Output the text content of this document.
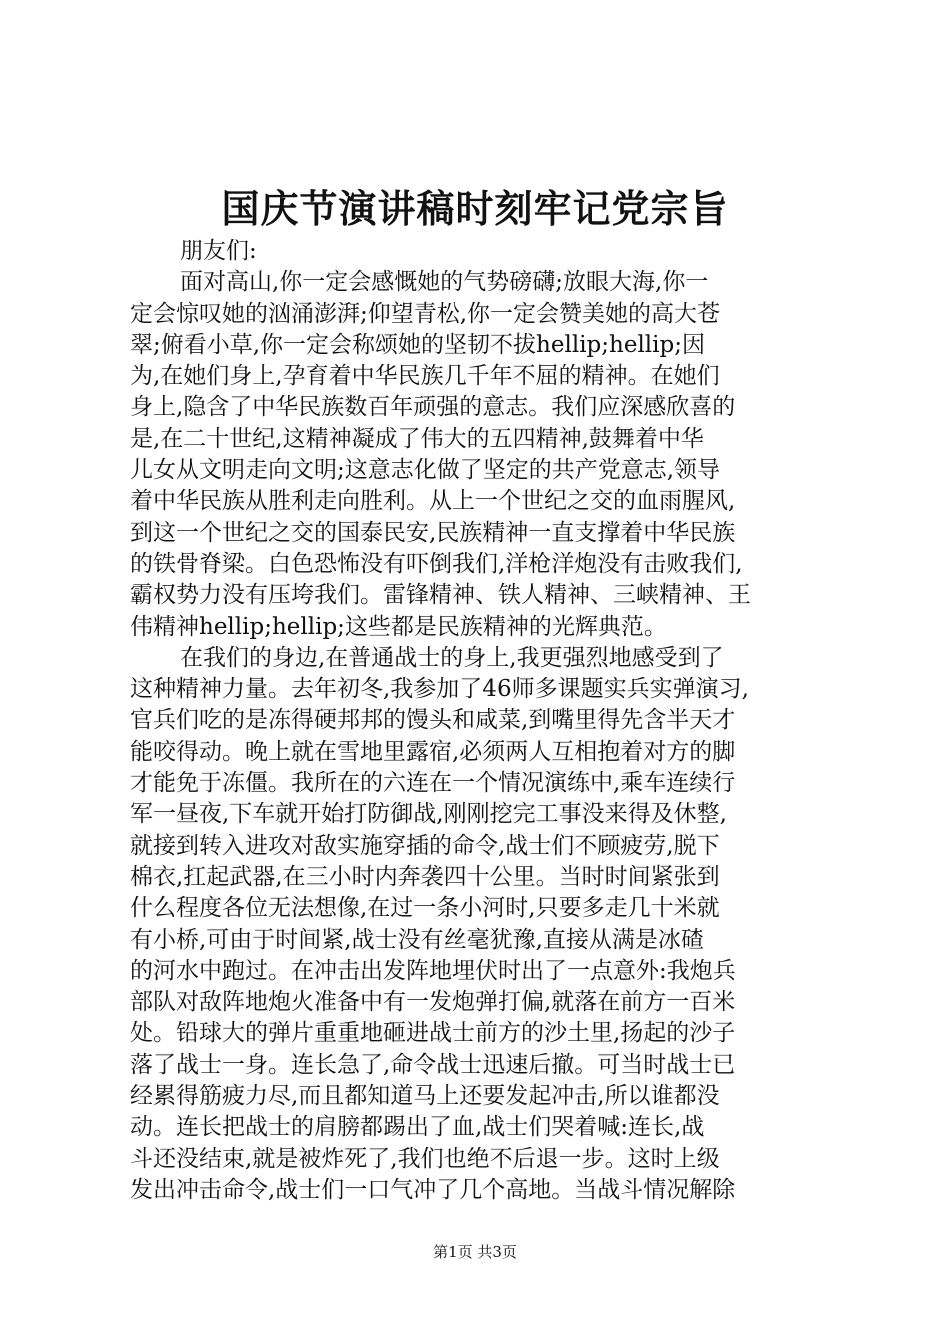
国庆节演讲稿时刻牢记党宗旨
朋友们:
面对高山,你一定会感慨她的气势磅礴;放眼大海,你一
定会惊叹她的汹涌澎湃;仰望青松,你一定会赞美她的高大苍
翠;俯看小草,你一定会称颂她的坚韧不拔hellip;hellip;因
为,在她们身上,孕育着中华民族几千年不屈的精神。在她们
身上,隐含了中华民族数百年顽强的意志。我们应深感欣喜的
是,在二十世纪,这精神凝成了伟大的五四精神,鼓舞着中华
儿女从文明走向文明;这意志化做了坚定的共产党意志,领导
着中华民族从胜利走向胜利。从上一个世纪之交的血雨腥风,
到这一个世纪之交的国泰民安,民族精神一直支撑着中华民族
的铁骨脊梁。白色恐怖没有吓倒我们,洋枪洋炮没有击败我们,
霸权势力没有压垮我们。雷锋精神、铁人精神、三峡精神、王
伟精神hellip;hellip;这些都是民族精神的光辉典范。
在我们的身边,在普通战士的身上,我更强烈地感受到了
这种精神力量。去年初冬,我参加了46师多课题实兵实弹演习,
官兵们吃的是冻得硬邦邦的馒头和咸菜,到嘴里得先含半天才
能咬得动。晚上就在雪地里露宿,必须两人互相抱着对方的脚
才能免于冻僵。我所在的六连在一个情况演练中,乘车连续行
军一昼夜,下车就开始打防御战,刚刚挖完工事没来得及休整,
就接到转入进攻对敌实施穿插的命令,战士们不顾疲劳,脱下
棉衣,扛起武器,在三小时内奔袭四十公里。当时时间紧张到
什么程度各位无法想像,在过一条小河时,只要多走几十米就
有小桥,可由于时间紧,战士没有丝毫犹豫,直接从满是冰碴
的河水中跑过。在冲击出发阵地埋伏时出了一点意外:我炮兵
部队对敌阵地炮火准备中有一发炮弹打偏,就落在前方一百米
处。铅球大的弹片重重地砸进战士前方的沙土里,扬起的沙子
落了战士一身。连长急了,命令战士迅速后撤。可当时战士已
经累得筋疲力尽,而且都知道马上还要发起冲击,所以谁都没
动。连长把战士的肩膀都踢出了血,战士们哭着喊:连长,战
斗还没结束,就是被炸死了,我们也绝不后退一步。这时上级
发出冲击命令,战士们一口气冲了几个高地。当战斗情况解除
第1页 共3页
